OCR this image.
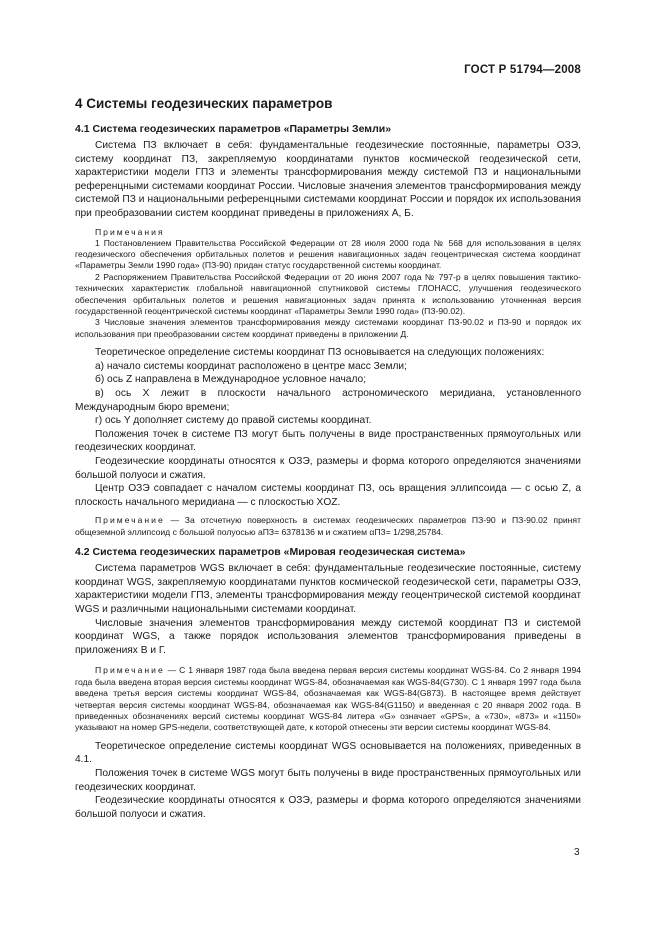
ГОСТ Р 51794—2008
4 Системы геодезических параметров
4.1 Система геодезических параметров «Параметры Земли»

Система ПЗ включает в себя: фундаментальные геодезические постоянные, параметры ОЗЭ, систему координат ПЗ, закрепляемую координатами пунктов космической геодезической сети, характеристики модели ГПЗ и элементы трансформирования между системой ПЗ и национальными референцными системами координат России. Числовые значения элементов трансформирования между системой ПЗ и национальными референцными системами координат России и порядок их использования при преобразовании систем координат приведены в приложениях А, Б.

Примечания
1 Постановлением Правительства Российской Федерации от 28 июля 2000 года № 568 для использования в целях геодезического обеспечения орбитальных полетов и решения навигационных задач геоцентрическая система координат «Параметры Земли 1990 года» (ПЗ-90) придан статус государственной системы координат.
2 Распоряжением Правительства Российской Федерации от 20 июня 2007 года № 797-р в целях повышения тактико-технических характеристик глобальной навигационной спутниковой системы ГЛОНАСС, улучшения геодезического обеспечения орбитальных полетов и решения навигационных задач принята к использованию уточненная версия государственной геоцентрической системы координат «Параметры Земли 1990 года» (ПЗ-90.02).
3 Числовые значения элементов трансформирования между системами координат ПЗ-90.02 и ПЗ-90 и порядок их использования при преобразовании систем координат приведены в приложении Д.

Теоретическое определение системы координат ПЗ основывается на следующих положениях:

а) начало системы координат расположено в центре масс Земли;
б) ось Z направлена в Международное условное начало;
в) ось X лежит в плоскости начального астрономического меридиана, установленного Международным бюро времени;
г) ось Y дополняет систему до правой системы координат.

Положения точек в системе ПЗ могут быть получены в виде пространственных прямоугольных или геодезических координат.

Геодезические координаты относятся к ОЗЭ, размеры и форма которого определяются значениями большой полуоси и сжатия.

Центр ОЗЭ совпадает с началом системы координат ПЗ, ось вращения эллипсоида — с осью Z, а плоскость начального меридиана — с плоскостью XOZ.

Примечание — За отсчетную поверхность в системах геодезических параметров ПЗ-90 и ПЗ-90.02 принят общеземной эллипсоид с большой полуосью aПЗ= 6378136 м и сжатием αПЗ= 1/298,25784.
4.2 Система геодезических параметров «Мировая геодезическая система»

Система параметров WGS включает в себя: фундаментальные геодезические постоянные, систему координат WGS, закрепляемую координатами пунктов космической геодезической сети, параметры ОЗЭ, характеристики модели ГПЗ, элементы трансформирования между геоцентрической системой координат WGS и различными национальными системами координат.

Числовые значения элементов трансформирования между системой координат ПЗ и системой координат WGS, а также порядок использования элементов трансформирования приведены в приложениях В и Г.

Примечание — С 1 января 1987 года была введена первая версия системы координат WGS-84. Со 2 января 1994 года была введена вторая версия системы координат WGS-84, обозначаемая как WGS-84(G730). С 1 января 1997 года была введена третья версия системы координат WGS-84, обозначаемая как WGS-84(G873). В настоящее время действует четвертая версия системы координат WGS-84, обозначаемая как WGS-84(G1150) и введенная с 20 января 2002 года. В приведенных обозначениях версий системы координат WGS-84 литера «G» означает «GPS», а «730», «873» и «1150» указывают на номер GPS-недели, соответствующей дате, к которой отнесены эти версии системы координат WGS-84.

Теоретическое определение системы координат WGS основывается на положениях, приведенных в 4.1.

Положения точек в системе WGS могут быть получены в виде пространственных прямоугольных или геодезических координат.

Геодезические координаты относятся к ОЗЭ, размеры и форма которого определяются значениями большой полуоси и сжатия.

3
